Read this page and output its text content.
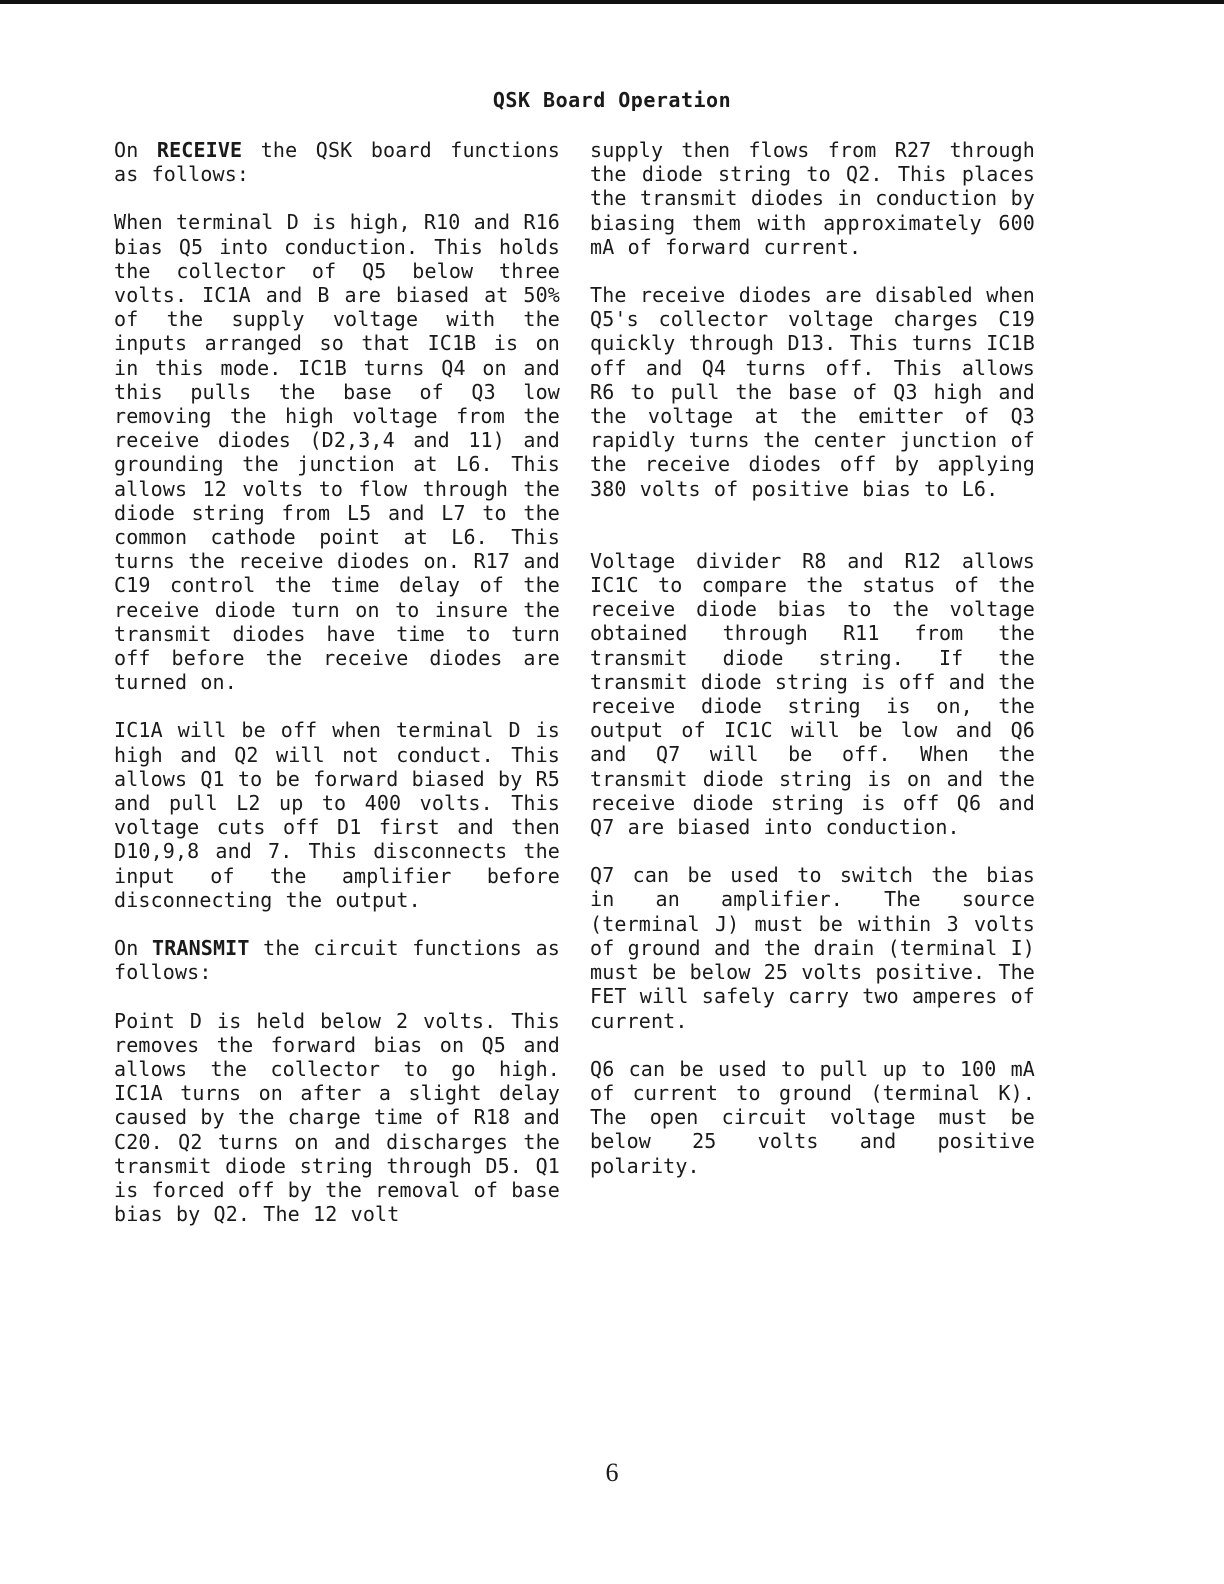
QSK Board Operation

On RECEIVE the QSK board functions as follows:

When terminal D is high, R10 and R16 bias Q5 into conduction. This holds the collector of Q5 below three volts. IC1A and B are biased at 50% of the supply voltage with the inputs arranged so that IC1B is on in this mode. IC1B turns Q4 on and this pulls the base of Q3 low removing the high voltage from the receive diodes (D2,3,4 and 11) and grounding the junction at L6. This allows 12 volts to flow through the diode string from L5 and L7 to the common cathode point at L6. This turns the receive diodes on. R17 and C19 control the time delay of the receive diode turn on to insure the transmit diodes have time to turn off before the receive diodes are turned on.

IC1A will be off when terminal D is high and Q2 will not conduct. This allows Q1 to be forward biased by R5 and pull L2 up to 400 volts. This voltage cuts off D1 first and then D10,9,8 and 7. This disconnects the input of the amplifier before disconnecting the output.

On TRANSMIT the circuit functions as follows:

Point D is held below 2 volts. This removes the forward bias on Q5 and allows the collector to go high. IC1A turns on after a slight delay caused by the charge time of R18 and C20. Q2 turns on and discharges the transmit diode string through D5. Q1 is forced off by the removal of base bias by Q2. The 12 volt

supply then flows from R27 through the diode string to Q2. This places the transmit diodes in conduction by biasing them with approximately 600 mA of forward current.

The receive diodes are disabled when Q5's collector voltage charges C19 quickly through D13. This turns IC1B off and Q4 turns off. This allows R6 to pull the base of Q3 high and the voltage at the emitter of Q3 rapidly turns the center junction of the receive diodes off by applying 380 volts of positive bias to L6.

Voltage divider R8 and R12 allows IC1C to compare the status of the receive diode bias to the voltage obtained through R11 from the transmit diode string. If the transmit diode string is off and the receive diode string is on, the output of IC1C will be low and Q6 and Q7 will be off. When the transmit diode string is on and the receive diode string is off Q6 and Q7 are biased into conduction.

Q7 can be used to switch the bias in an amplifier. The source (terminal J) must be within 3 volts of ground and the drain (terminal I) must be below 25 volts positive. The FET will safely carry two amperes of current.

Q6 can be used to pull up to 100 mA of current to ground (terminal K). The open circuit voltage must be below 25 volts and positive polarity.

6
